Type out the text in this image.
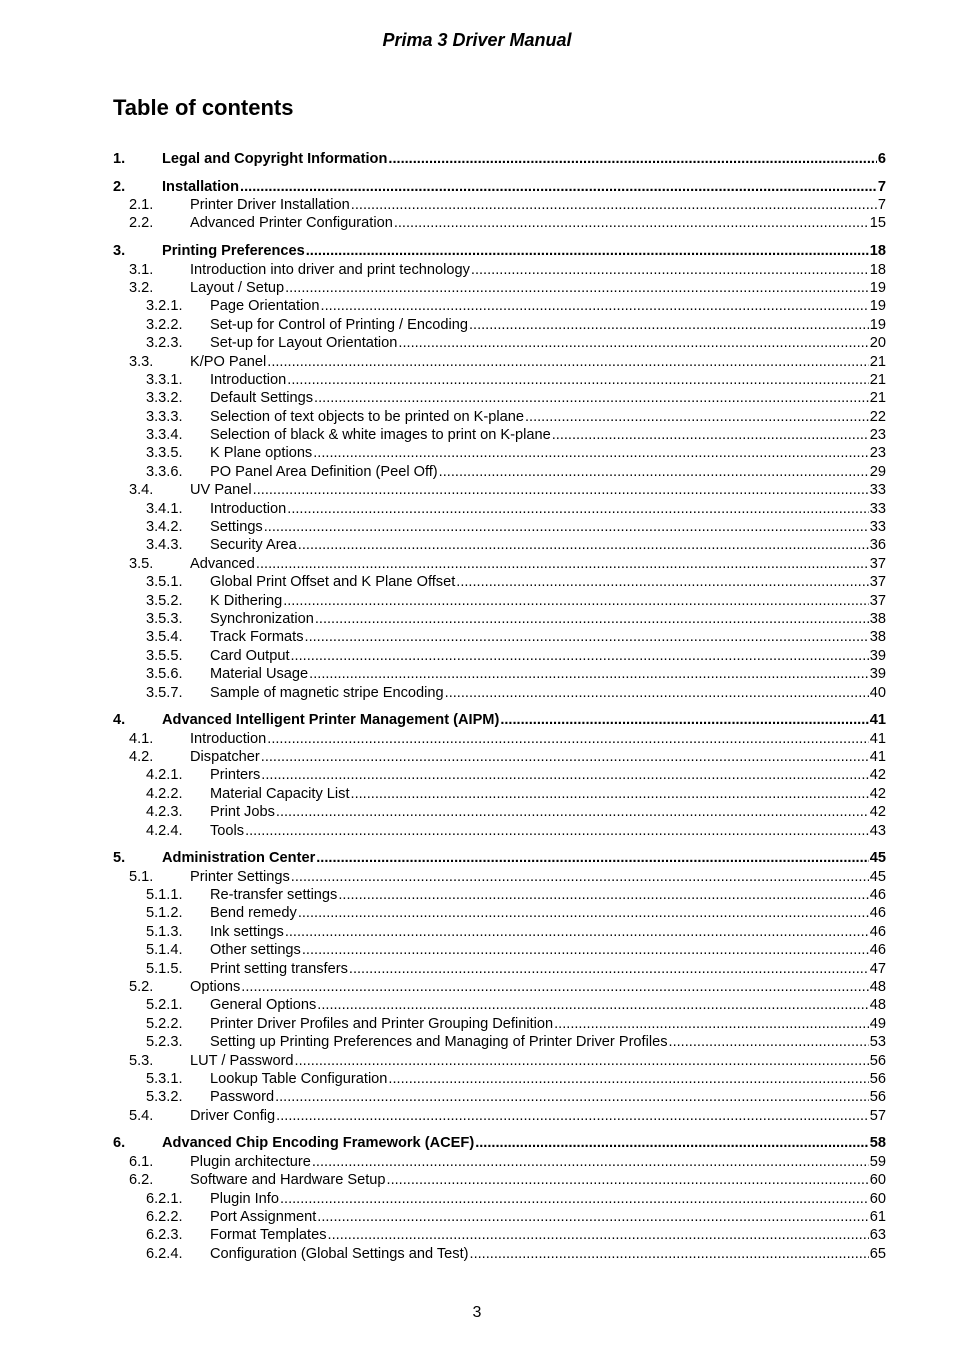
Prima 3 Driver Manual
Table of contents
1.	Legal and Copyright Information .....	6
2.	Installation .....	7
2.1.	Printer Driver Installation .....	7
2.2.	Advanced Printer Configuration .....	15
3.	Printing Preferences .....	18
3.1.	Introduction into driver and print technology .....	18
3.2.	Layout / Setup .....	19
3.2.1.	Page Orientation .....	19
3.2.2.	Set-up for Control of Printing / Encoding .....	19
3.2.3.	Set-up for Layout Orientation .....	20
3.3.	K/PO Panel .....	21
3.3.1.	Introduction .....	21
3.3.2.	Default Settings .....	21
3.3.3.	Selection of text objects to be printed on K-plane .....	22
3.3.4.	Selection of black & white images to print on K-plane .....	23
3.3.5.	K Plane options .....	23
3.3.6.	PO Panel Area Definition (Peel Off) .....	29
3.4.	UV Panel .....	33
3.4.1.	Introduction .....	33
3.4.2.	Settings .....	33
3.4.3.	Security Area .....	36
3.5.	Advanced .....	37
3.5.1.	Global Print Offset and K Plane Offset .....	37
3.5.2.	K Dithering .....	37
3.5.3.	Synchronization .....	38
3.5.4.	Track Formats .....	38
3.5.5.	Card Output .....	39
3.5.6.	Material Usage .....	39
3.5.7.	Sample of magnetic stripe Encoding .....	40
4.	Advanced Intelligent Printer Management (AIPM) .....	41
4.1.	Introduction .....	41
4.2.	Dispatcher .....	41
4.2.1.	Printers .....	42
4.2.2.	Material Capacity List .....	42
4.2.3.	Print Jobs .....	42
4.2.4.	Tools .....	43
5.	Administration Center .....	45
5.1.	Printer Settings .....	45
5.1.1.	Re-transfer settings .....	46
5.1.2.	Bend remedy .....	46
5.1.3.	Ink settings .....	46
5.1.4.	Other settings .....	46
5.1.5.	Print setting transfers .....	47
5.2.	Options .....	48
5.2.1.	General Options .....	48
5.2.2.	Printer Driver Profiles and Printer Grouping Definition .....	49
5.2.3.	Setting up Printing Preferences and Managing of Printer Driver Profiles .....	53
5.3.	LUT / Password .....	56
5.3.1.	Lookup Table Configuration .....	56
5.3.2.	Password .....	56
5.4.	Driver Config .....	57
6.	Advanced Chip Encoding Framework (ACEF) .....	58
6.1.	Plugin architecture .....	59
6.2.	Software and Hardware Setup .....	60
6.2.1.	Plugin Info .....	60
6.2.2.	Port Assignment .....	61
6.2.3.	Format Templates .....	63
6.2.4.	Configuration (Global Settings and Test) .....	65
3
